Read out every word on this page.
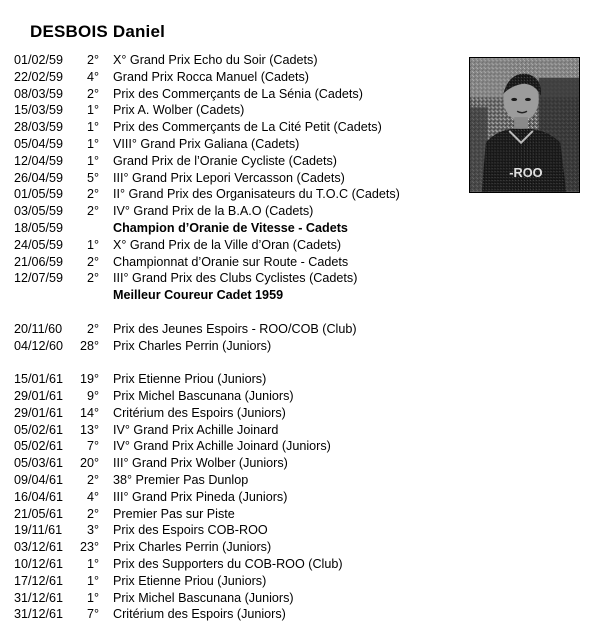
DESBOIS Daniel
01/02/59	2° X° Grand Prix Echo du Soir (Cadets)
22/02/59	4° Grand Prix Rocca Manuel (Cadets)
08/03/59	2° Prix des Commerçants de La Sénia (Cadets)
15/03/59	1° Prix A. Wolber (Cadets)
28/03/59	1° Prix des Commerçants de La Cité Petit (Cadets)
05/04/59	1° VIII° Grand Prix Galiana (Cadets)
12/04/59	1° Grand Prix de l’Oranie Cycliste (Cadets)
26/04/59	5° III° Grand Prix Lepori Vercasson (Cadets)
01/05/59	2° II° Grand Prix des Organisateurs du T.O.C (Cadets)
03/05/59	2° IV° Grand Prix de la B.A.O (Cadets)
18/05/59	Champion d’Oranie de Vitesse - Cadets
24/05/59	1° X° Grand Prix de la Ville d’Oran (Cadets)
21/06/59	2° Championnat d’Oranie sur Route - Cadets
12/07/59	2° III° Grand Prix des Clubs Cyclistes (Cadets)
Meilleur Coureur Cadet 1959
20/11/60	2° Prix des Jeunes Espoirs - ROO/COB (Club)
04/12/60	28° Prix Charles Perrin (Juniors)
15/01/61	19° Prix Etienne Priou (Juniors)
29/01/61	9° Prix Michel Bascunana (Juniors)
29/01/61	14° Critérium des Espoirs (Juniors)
05/02/61	13° IV° Grand Prix Achille Joinard
05/02/61	7° IV° Grand Prix Achille Joinard (Juniors)
05/03/61	20° III° Grand Prix Wolber (Juniors)
09/04/61	2° 38° Premier Pas Dunlop
16/04/61	4° III° Grand Prix Pineda (Juniors)
21/05/61	2° Premier Pas sur Piste
19/11/61	3° Prix des Espoirs COB-ROO
03/12/61	23° Prix Charles Perrin (Juniors)
10/12/61	1° Prix des Supporters du COB-ROO (Club)
17/12/61	1° Prix Etienne Priou (Juniors)
31/12/61	1° Prix Michel Bascunana (Juniors)
31/12/61	7° Critérium des Espoirs (Juniors)
-ROO
